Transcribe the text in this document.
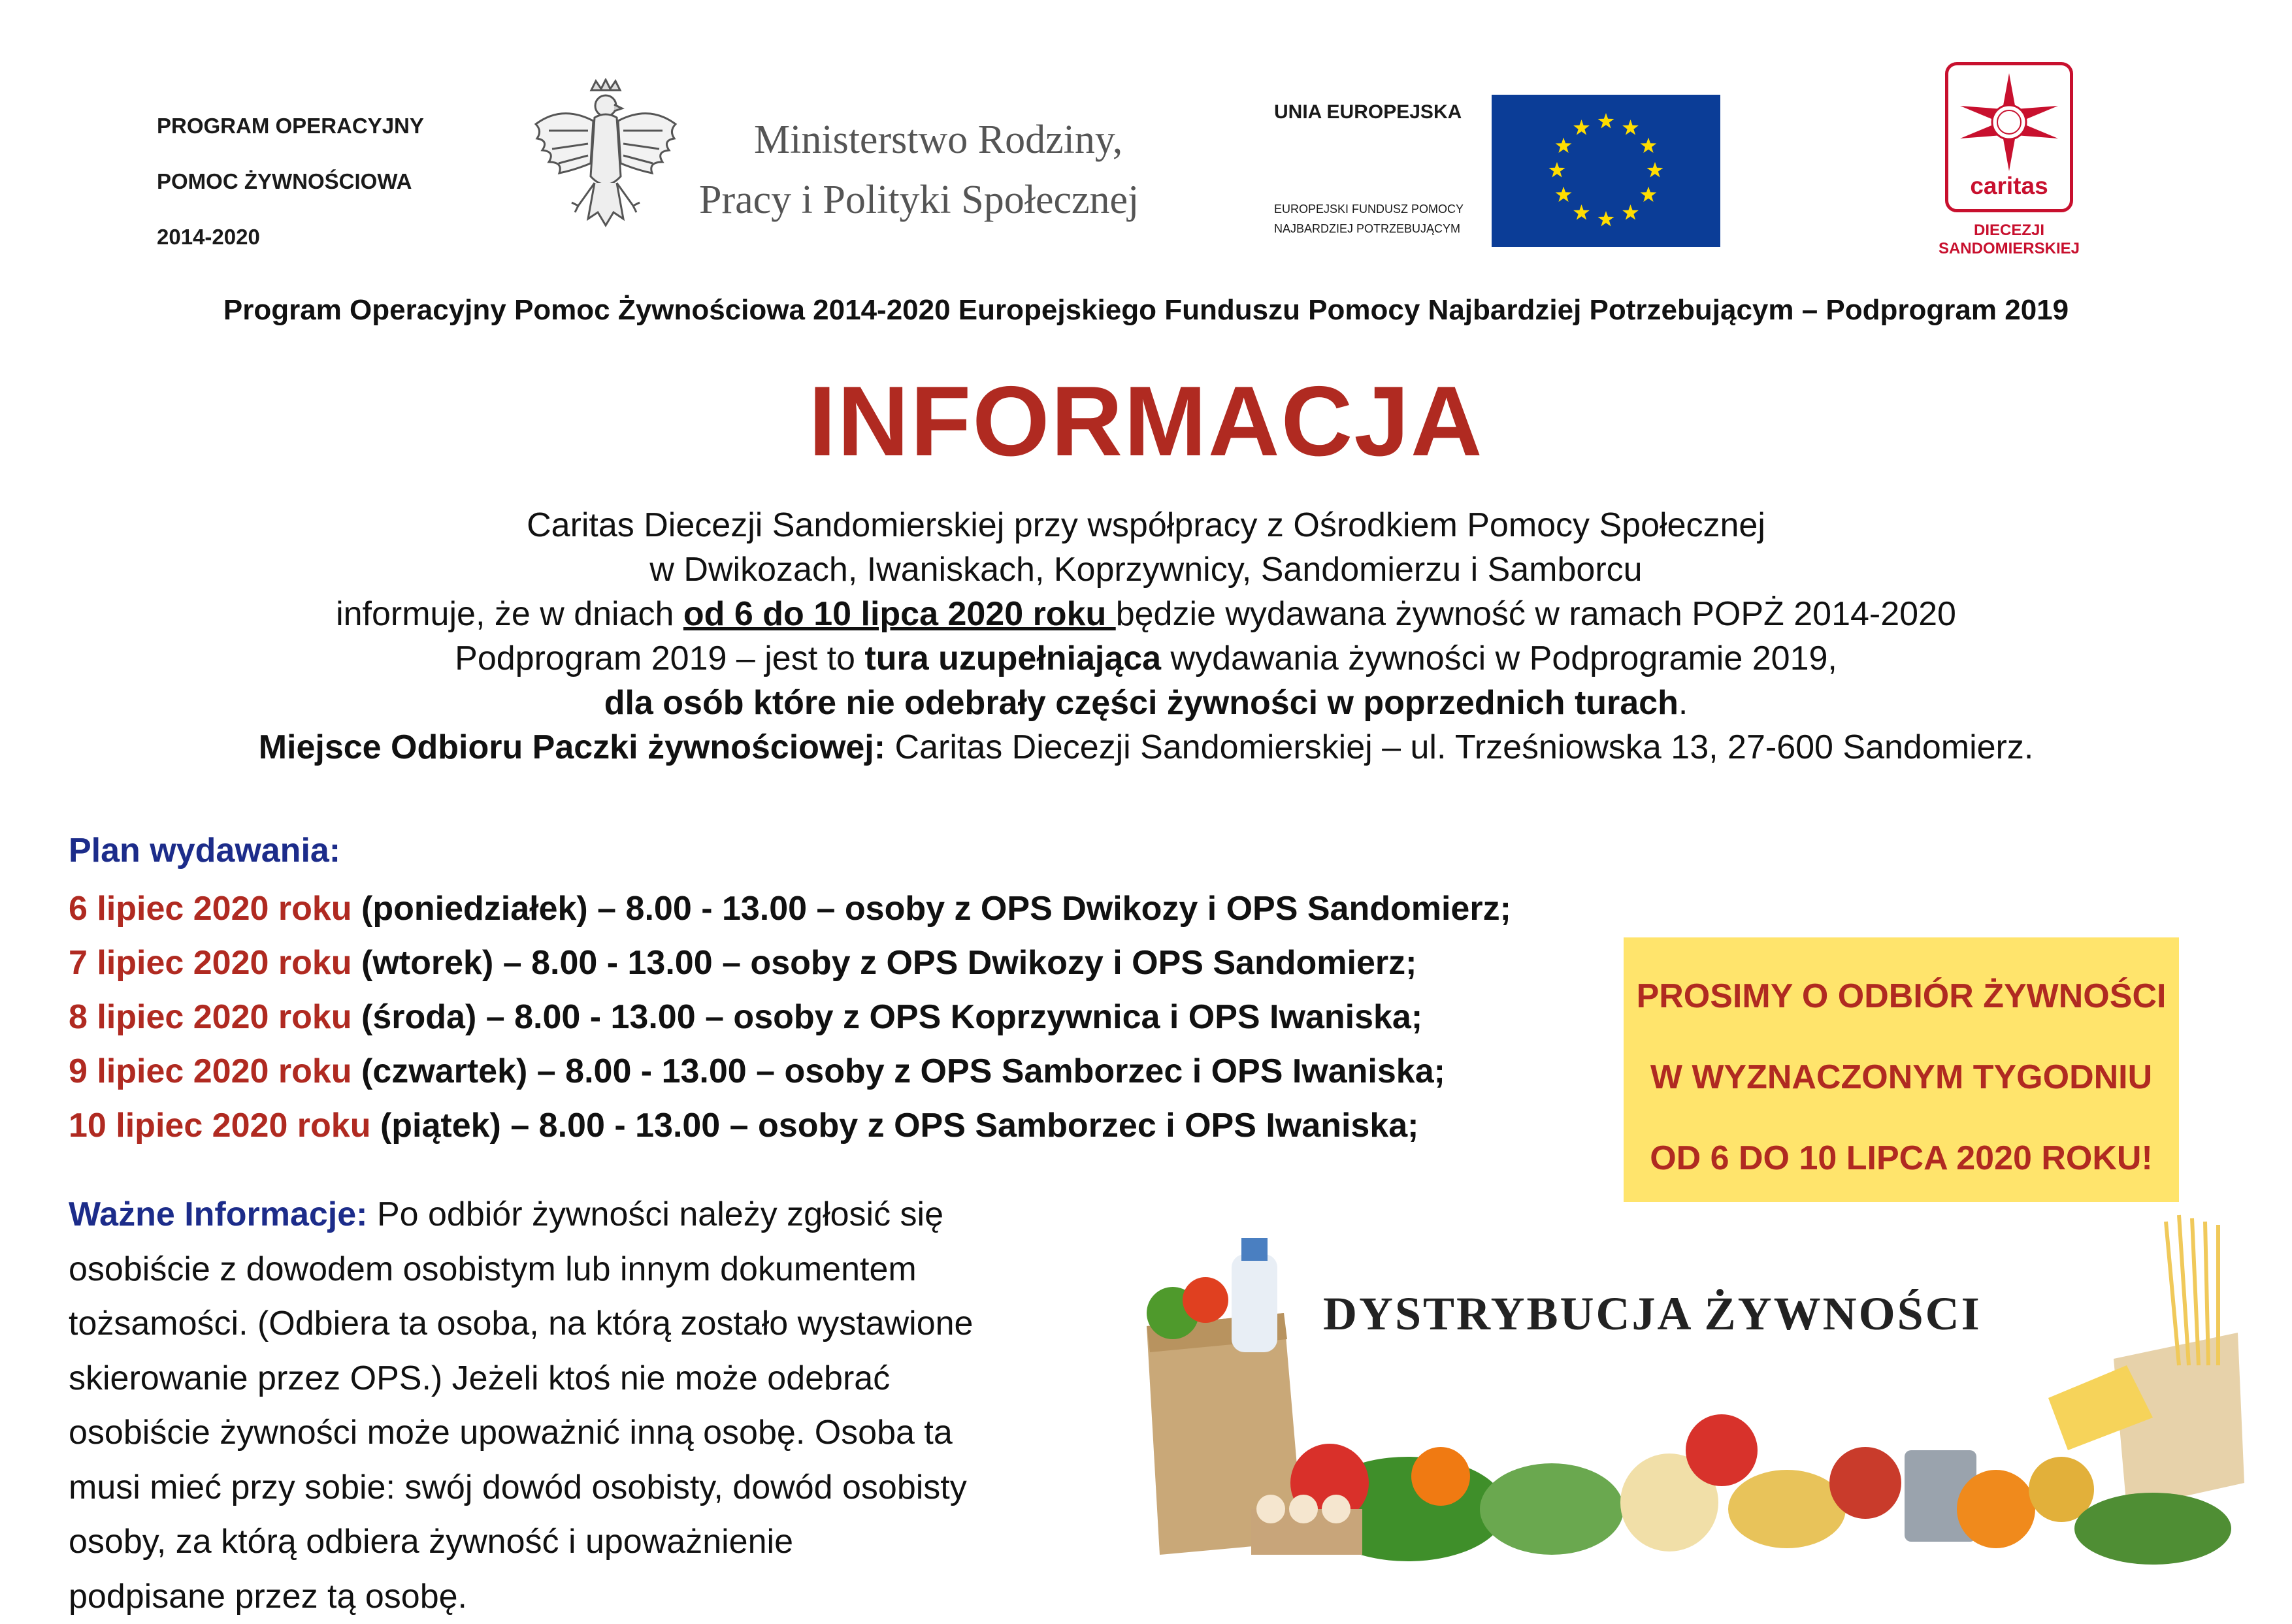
PROGRAM OPERACYJNY
POMOC ŻYWNOŚCIOWA
2014-2020
Ministerstwo Rodziny,
Pracy i Polityki Społecznej
UNIA EUROPEJSKA
EUROPEJSKI FUNDUSZ POMOCY
NAJBARDZIEJ POTRZEBUJĄCYM
caritas
DIECEZJI
SANDOMIERSKIEJ
Program Operacyjny Pomoc Żywnościowa 2014-2020 Europejskiego Funduszu Pomocy Najbardziej Potrzebującym – Podprogram 2019
INFORMACJA

Caritas Diecezji Sandomierskiej przy współpracy z Ośrodkiem Pomocy Społecznej

w Dwikozach, Iwaniskach, Koprzywnicy, Sandomierzu i Samborcu

informuje, że w dniach od 6 do 10 lipca 2020 roku będzie wydawana żywność w ramach POPŻ 2014-2020

Podprogram 2019 – jest to tura uzupełniająca wydawania żywności w Podprogramie 2019,

dla osób które nie odebrały części żywności w poprzednich turach.

Miejsce Odbioru Paczki żywnościowej: Caritas Diecezji Sandomierskiej – ul. Trześniowska 13, 27-600 Sandomierz.

Plan wydawania:
6 lipiec 2020 roku (poniedziałek) – 8.00 - 13.00 – osoby z OPS Dwikozy i OPS Sandomierz;
7 lipiec 2020 roku (wtorek) – 8.00 - 13.00 – osoby z OPS Dwikozy i OPS Sandomierz;
8 lipiec 2020 roku (środa) – 8.00 - 13.00 – osoby z OPS Koprzywnica i OPS Iwaniska;
9 lipiec 2020 roku (czwartek) – 8.00 - 13.00 – osoby z OPS Samborzec i OPS Iwaniska;
10 lipiec 2020 roku (piątek) – 8.00 - 13.00 – osoby z OPS Samborzec i OPS Iwaniska;
PROSIMY O ODBIÓR ŻYWNOŚCI
W WYZNACZONYM TYGODNIU
OD 6 DO 10 LIPCA 2020 ROKU!
Ważne Informacje: Po odbiór żywności należy zgłosić się
osobiście z dowodem osobistym lub innym dokumentem
tożsamości. (Odbiera ta osoba, na którą zostało wystawione
skierowanie przez OPS.) Jeżeli ktoś nie może odebrać
osobiście żywności może upoważnić inną osobę. Osoba ta
musi mieć przy sobie: swój dowód osobisty, dowód osobisty
osoby, za którą odbiera żywność i upoważnienie
podpisane przez tą osobę.
DYSTRYBUCJA ŻYWNOŚCI
